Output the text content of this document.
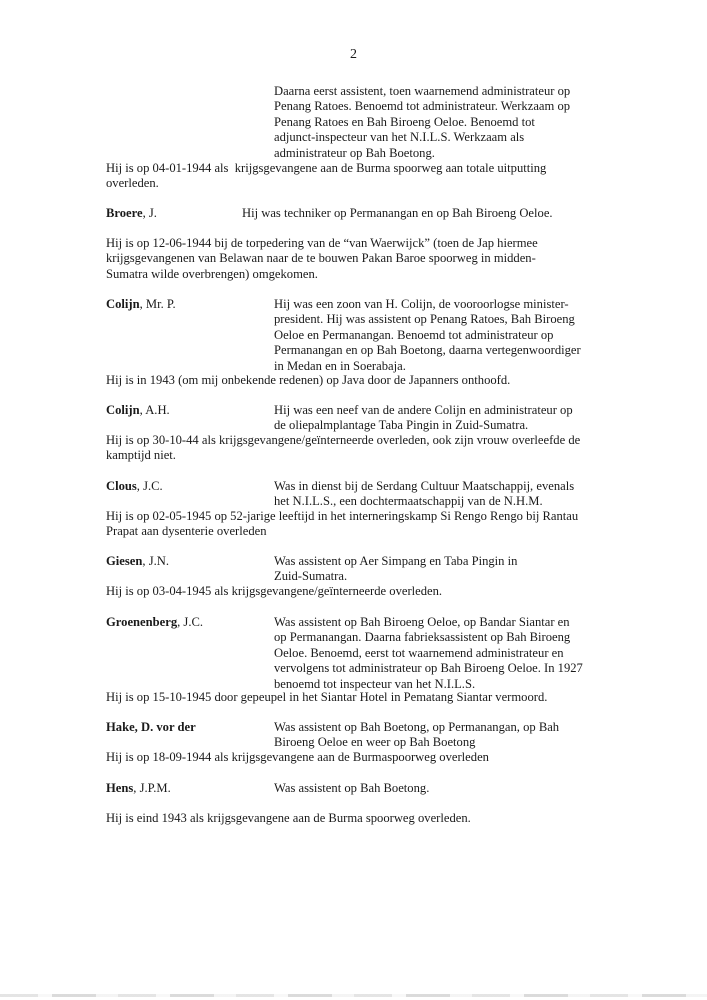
2
Daarna eerst assistent, toen waarnemend administrateur op
Penang Ratoes. Benoemd tot administrateur. Werkzaam op
Penang Ratoes en Bah Biroeng Oeloe. Benoemd tot
adjunct-inspecteur van het N.I.L.S. Werkzaam als
administrateur op Bah Boetong.
Hij is op 04-01-1944 als  krijgsgevangene aan de Burma spoorweg aan totale uitputting
overleden.
Broere, J.	Hij was techniker op Permanangan en op Bah Biroeng Oeloe.
Hij is op 12-06-1944 bij de torpedering van de “van Waerwijck” (toen de Jap hiermee
krijgsgevangenen van Belawan naar de te bouwen Pakan Baroe spoorweg in midden-
Sumatra wilde overbrengen) omgekomen.
Colijn, Mr. P.	Hij was een zoon van H. Colijn, de vooroorlogse minister-
president. Hij was assistent op Penang Ratoes, Bah Biroeng
Oeloe en Permanangan. Benoemd tot administrateur op
Permanangan en op Bah Boetong, daarna vertegenwoordiger
in Medan en in Soerabaja.
Hij is in 1943 (om mij onbekende redenen) op Java door de Japanners onthoofd.
Colijn, A.H.	Hij was een neef van de andere Colijn en administrateur op
de oliepalmplantage Taba Pingin in Zuid-Sumatra.
Hij is op 30-10-44 als krijgsgevangene/geïnterneerde overleden, ook zijn vrouw overleefde de
kamptijd niet.
Clous, J.C.	Was in dienst bij de Serdang Cultuur Maatschappij, evenals
het N.I.L.S., een dochtermaatschappij van de N.H.M.
Hij is op 02-05-1945 op 52-jarige leeftijd in het interneringskamp Si Rengo Rengo bij Rantau
Prapat aan dysenterie overleden
Giesen, J.N.	Was assistent op Aer Simpang en Taba Pingin in
Zuid-Sumatra.
Hij is op 03-04-1945 als krijgsgevangene/geïnterneerde overleden.
Groenenberg, J.C.	Was assistent op Bah Biroeng Oeloe, op Bandar Siantar en
op Permanangan. Daarna fabrieksassistent op Bah Biroeng
Oeloe. Benoemd, eerst tot waarnemend administrateur en
vervolgens tot administrateur op Bah Biroeng Oeloe. In 1927
benoemd tot inspecteur van het N.I.L.S.
Hij is op 15-10-1945 door gepeupel in het Siantar Hotel in Pematang Siantar vermoord.
Hake, D. vor der	Was assistent op Bah Boetong, op Permanangan, op Bah
Biroeng Oeloe en weer op Bah Boetong
Hij is op 18-09-1944 als krijgsgevangene aan de Burmaspoorweg overleden
Hens, J.P.M.	Was assistent op Bah Boetong.
Hij is eind 1943 als krijgsgevangene aan de Burma spoorweg overleden.
